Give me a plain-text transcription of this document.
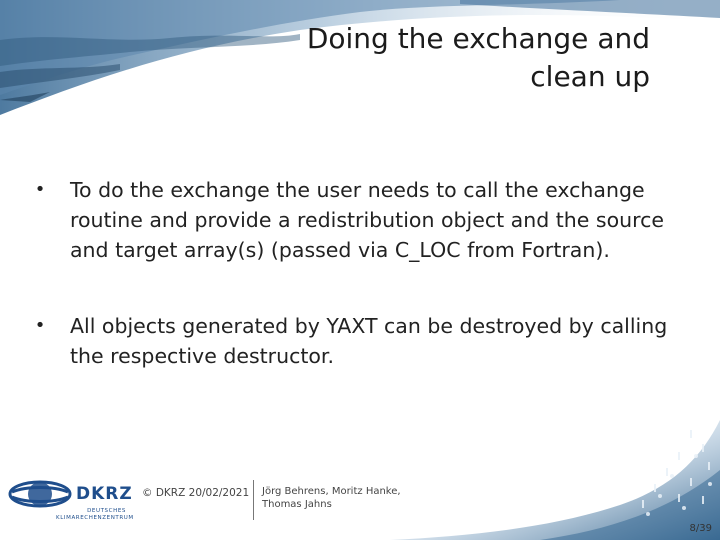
Doing the exchange and
clean up
• To do the exchange the user needs to call the exchange routine and provide a redistribution object and the source and target array(s) (passed via C_LOC from Fortran).
• All objects generated by YAXT can be destroyed by calling the respective destructor.
DKRZ
DEUTSCHES
KLIMARECHENZENTRUM
© DKRZ 20/02/2021 Jörg Behrens, Moritz Hanke, Thomas Jahns
8/39
